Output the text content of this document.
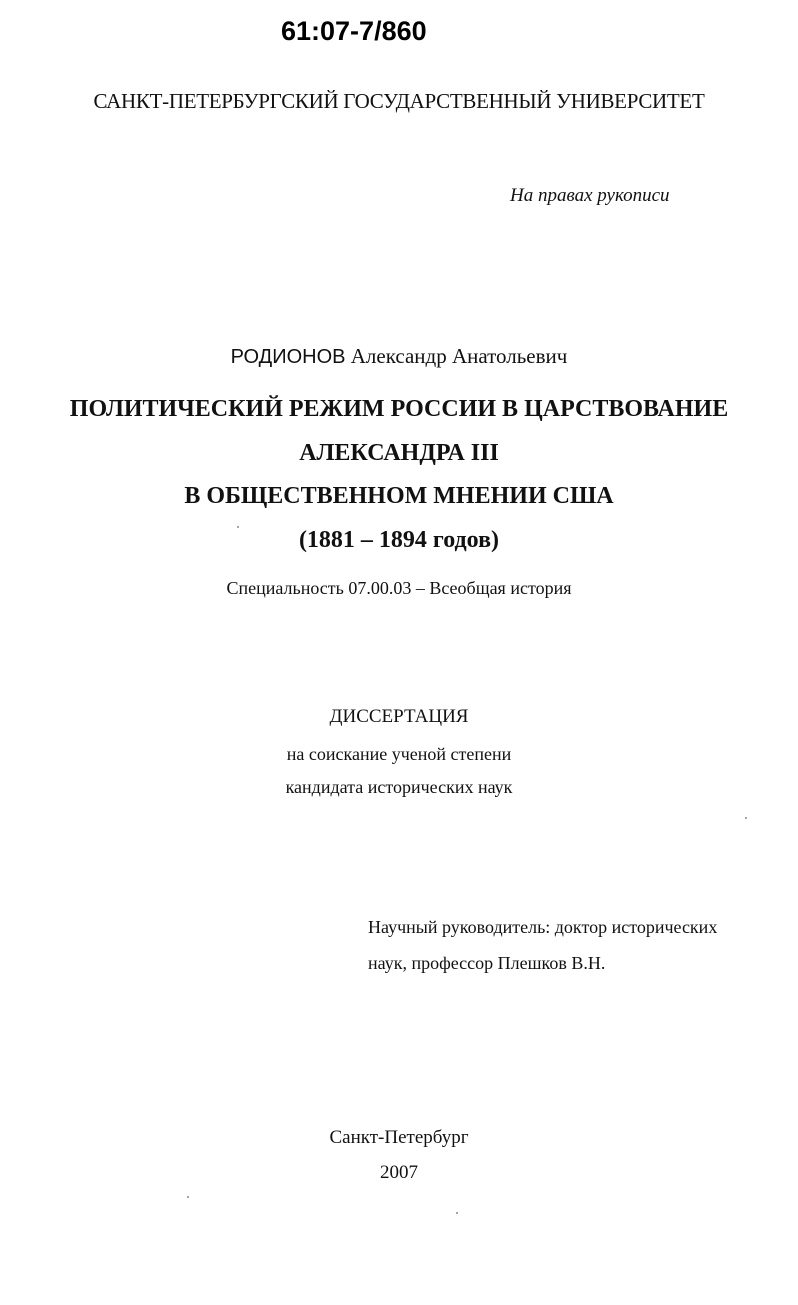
61:07-7/860

САНКТ-ПЕТЕРБУРГСКИЙ ГОСУДАРСТВЕННЫЙ УНИВЕРСИТЕТ

На правах рукописи

РОДИОНОВ Александр Анатольевич

ПОЛИТИЧЕСКИЙ РЕЖИМ РОССИИ В ЦАРСТВОВАНИЕ

АЛЕКСАНДРА III

В ОБЩЕСТВЕННОМ МНЕНИИ США

(1881 – 1894 годов)

Специальность 07.00.03 – Всеобщая история

ДИССЕРТАЦИЯ

на соискание ученой степени

кандидата исторических наук

Научный руководитель: доктор исторических

наук, профессор Плешков В.Н.

Санкт-Петербург

2007
